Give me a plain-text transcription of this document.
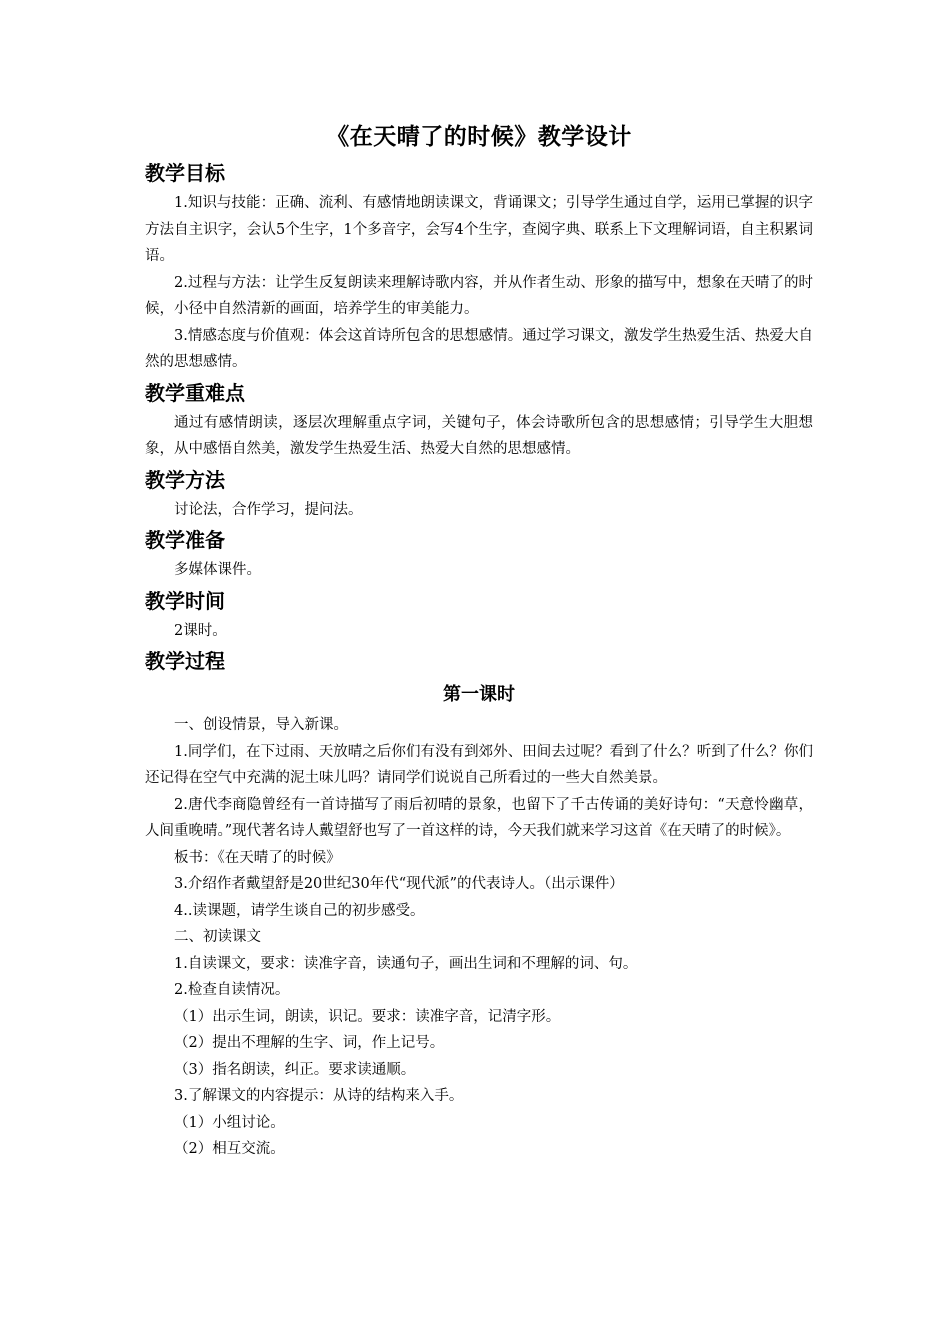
《在天晴了的时候》教学设计
教学目标

1.知识与技能：正确、流利、有感情地朗读课文，背诵课文；引导学生通过自学，运用已掌握的识字方法自主识字，会认5个生字，1个多音字，会写4个生字，查阅字典、联系上下文理解词语，自主积累词语。

2.过程与方法：让学生反复朗读来理解诗歌内容，并从作者生动、形象的描写中，想象在天晴了的时候，小径中自然清新的画面，培养学生的审美能力。

3.情感态度与价值观：体会这首诗所包含的思想感情。通过学习课文，激发学生热爱生活、热爱大自然的思想感情。

教学重难点

通过有感情朗读，逐层次理解重点字词，关键句子，体会诗歌所包含的思想感情；引导学生大胆想象，从中感悟自然美，激发学生热爱生活、热爱大自然的思想感情。

教学方法

讨论法，合作学习，提问法。

教学准备

多媒体课件。

教学时间

2课时。

教学过程
第一课时

一、创设情景，导入新课。

1.同学们，在下过雨、天放晴之后你们有没有到郊外、田间去过呢？看到了什么？听到了什么？你们还记得在空气中充满的泥土味儿吗？请同学们说说自己所看过的一些大自然美景。

2.唐代李商隐曾经有一首诗描写了雨后初晴的景象，也留下了千古传诵的美好诗句：“天意怜幽草，人间重晚晴。”现代著名诗人戴望舒也写了一首这样的诗，今天我们就来学习这首《在天晴了的时候》。

板书：《在天晴了的时候》

3.介绍作者戴望舒是20世纪30年代“现代派”的代表诗人。（出示课件）

4..读课题，请学生谈自己的初步感受。

二、初读课文

1.自读课文，要求：读准字音，读通句子，画出生词和不理解的词、句。

2.检查自读情况。

（1）出示生词，朗读，识记。要求：读准字音，记清字形。

（2）提出不理解的生字、词，作上记号。

（3）指名朗读，纠正。要求读通顺。

3.了解课文的内容提示：从诗的结构来入手。

（1）小组讨论。

（2）相互交流。
